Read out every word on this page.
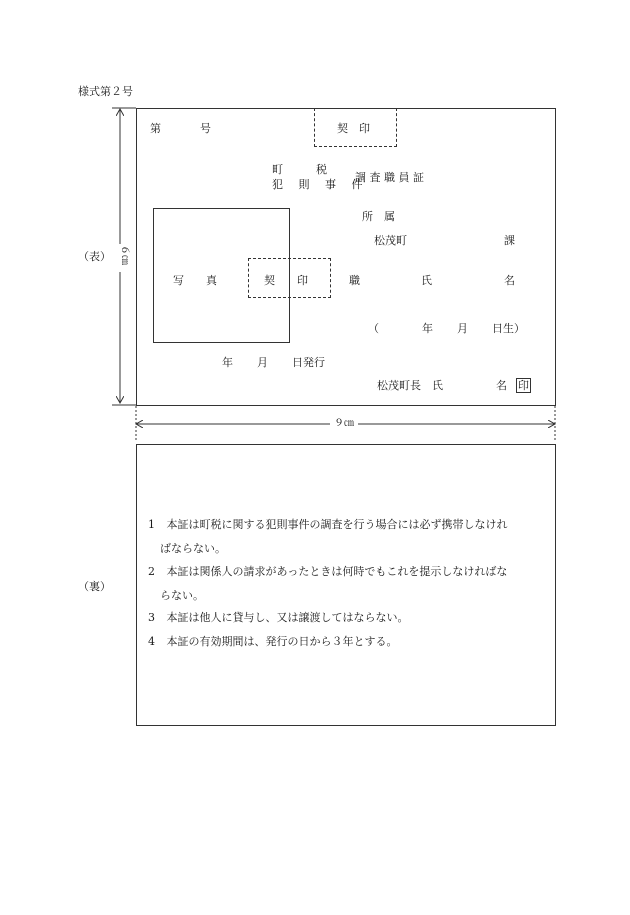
様式第２号
６㎝
９㎝
（表）
第	号	契　印
町　　　税
犯 則 事 件
調 査 職 員 証
所　属
松茂町	課
写　　真	契　　印	職	氏	名
（	年 月 日生）
年 月 日発行
松茂町長　氏	名 印
（裏）
1 本証は町税に関する犯則事件の調査を行う場合には必ず携帯しなけれ
ばならない。
2 本証は関係人の請求があったときは何時でもこれを提示しなければな
らない。
3 本証は他人に貸与し、又は譲渡してはならない。
4 本証の有効期間は、発行の日から３年とする。
